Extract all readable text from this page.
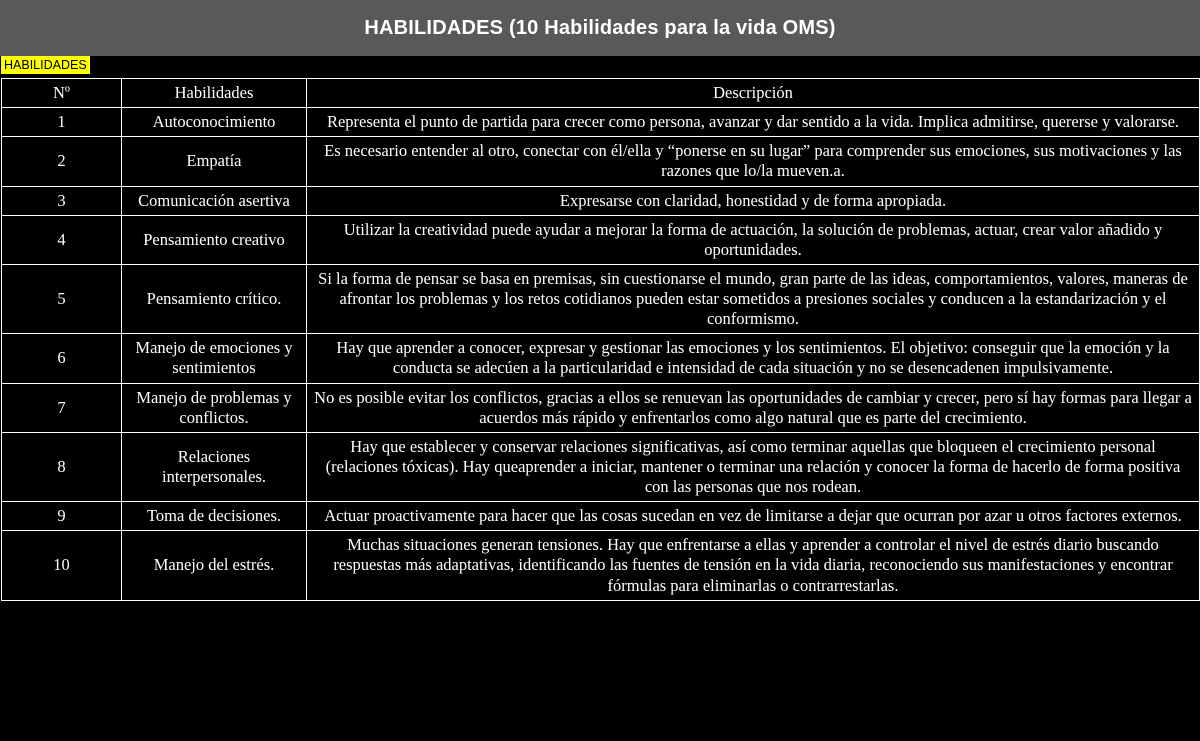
HABILIDADES (10 Habilidades para la vida OMS)
HABILIDADES
Nº	Habilidades	Descripción
1	Autoconocimiento	Representa el punto de partida para crecer como persona, avanzar y dar sentido a la vida. Implica admitirse, quererse y valorarse.
2	Empatía	Es necesario entender al otro, conectar con él/ella y “ponerse en su lugar” para comprender sus emociones, sus motivaciones y las razones que lo/la mueven.a.
3	Comunicación asertiva	Expresarse con claridad, honestidad y de forma apropiada.
4	Pensamiento creativo	Utilizar la creatividad puede ayudar a mejorar la forma de actuación, la solución de problemas, actuar, crear valor añadido y oportunidades.
5	Pensamiento crítico.	Si la forma de pensar se basa en premisas, sin cuestionarse el mundo, gran parte de las ideas, comportamientos, valores, maneras de afrontar los problemas y los retos cotidianos pueden estar sometidos a presiones sociales y conducen a la estandarización y el conformismo.
6	Manejo de emociones y sentimientos	Hay que aprender a conocer, expresar y gestionar las emociones y los sentimientos. El objetivo: conseguir que la emoción y la conducta se adecúen a la particularidad e intensidad de cada situación y no se desencadenen impulsivamente.
7	Manejo de problemas y conflictos.	No es posible evitar los conflictos, gracias a ellos se renuevan las oportunidades de cambiar y crecer, pero sí hay formas para llegar a acuerdos más rápido y enfrentarlos como algo natural que es parte del crecimiento.
8	Relaciones interpersonales.	Hay que establecer y conservar relaciones significativas, así como terminar aquellas que bloqueen el crecimiento personal (relaciones tóxicas). Hay queaprender a iniciar, mantener o terminar una relación y conocer la forma de hacerlo de forma positiva con las personas que nos rodean.
9	Toma de decisiones.	Actuar proactivamente para hacer que las cosas sucedan en vez de limitarse a dejar que ocurran por azar u otros factores externos.
10	Manejo del estrés.	Muchas situaciones generan tensiones. Hay que enfrentarse a ellas y aprender a controlar el nivel de estrés diario buscando respuestas más adaptativas, identificando las fuentes de tensión en la vida diaria, reconociendo sus manifestaciones y encontrar fórmulas para eliminarlas o contrarrestarlas.
